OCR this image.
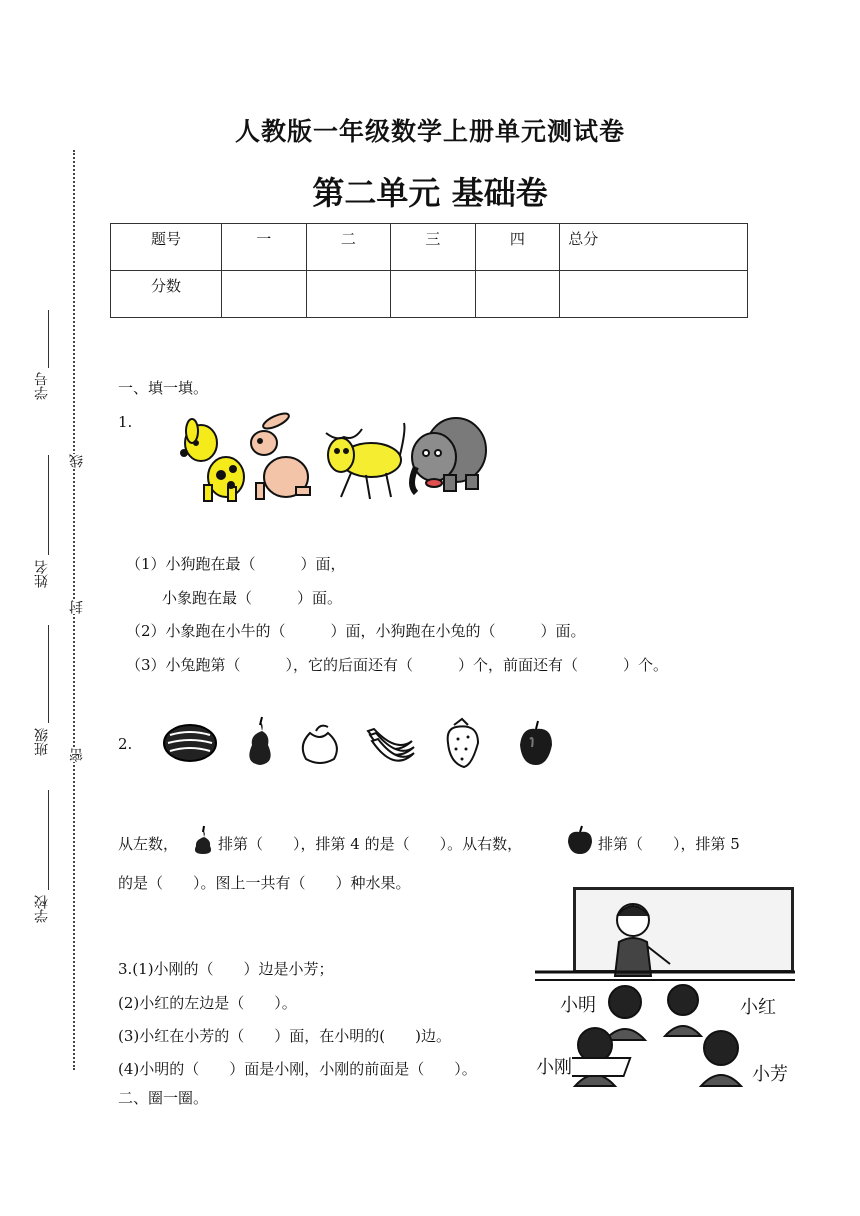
学号
姓名
班级
学校
线
封
密
人教版一年级数学上册单元测试卷
第二单元 基础卷
题号	一	二	三	四	总分
分数					
一、填一填。
1.
（1）小狗跑在最（　　　）面，
小象跑在最（　　　）面。
（2）小象跑在小牛的（　　　）面，小狗跑在小兔的（　　　）面。
（3）小兔跑第（　　　），它的后面还有（　　　）个，前面还有（　　　）个。
2.
从左数，	排第（　　），排第 4 的是（　　）。从右数，	排第（　　），排第 5
的是（　　）。图上一共有（　　）种水果。
小明	小红
小刚	小芳
3.(1)小刚的（　　）边是小芳；
(2)小红的左边是（　　）。
(3)小红在小芳的（　　）面，在小明的(　　)边。
(4)小明的（　　）面是小刚，小刚的前面是（　　）。
二、圈一圈。
